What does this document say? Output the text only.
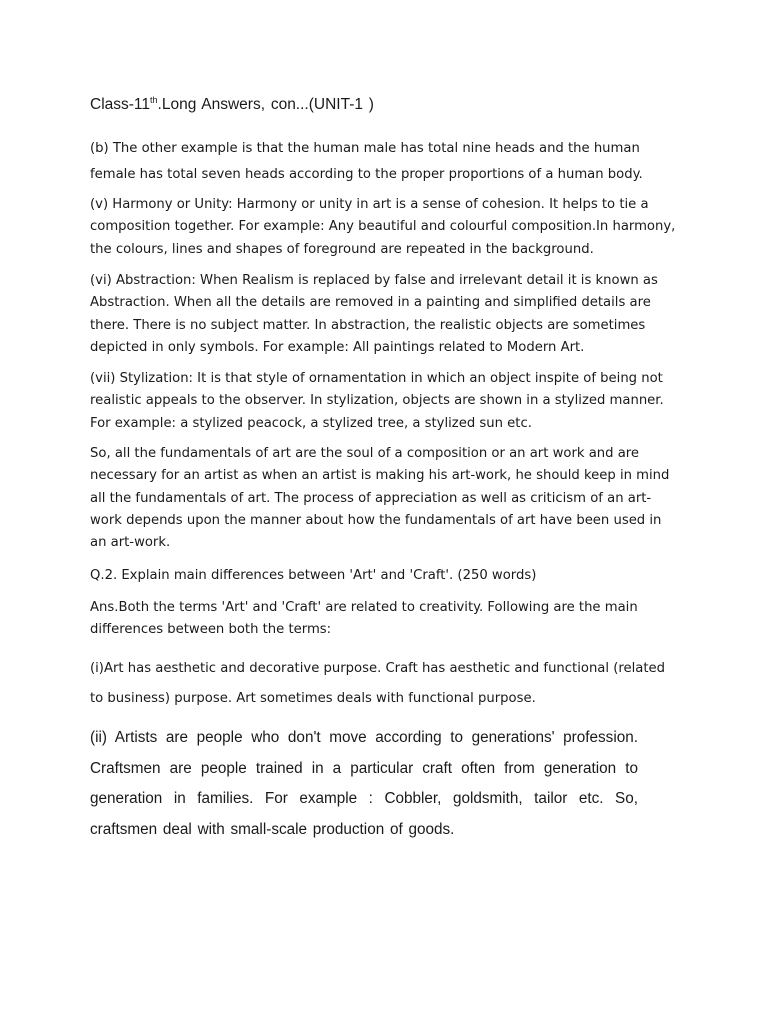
Class-11th.Long Answers, con...(UNIT-1 )

(b) The other example is that the human male has total nine heads and the human female has total seven heads according to the proper proportions of a human body.

(v) Harmony or Unity: Harmony or unity in art is a sense of cohesion. It helps to tie a composition together. For example: Any beautiful and colourful composition.In harmony, the colours, lines and shapes of foreground are repeated in the background.

(vi) Abstraction: When Realism is replaced by false and irrelevant detail it is known as Abstraction. When all the details are removed in a painting and simplified details are there. There is no subject matter. In abstraction, the realistic objects are sometimes depicted in only symbols. For example: All paintings related to Modern Art.

(vii) Stylization: It is that style of ornamentation in which an object inspite of being not realistic appeals to the observer. In stylization, objects are shown in a stylized manner. For example: a stylized peacock, a stylized tree, a stylized sun etc.

So, all the fundamentals of art are the soul of a composition or an art work and are necessary for an artist as when an artist is making his art-work, he should keep in mind all the fundamentals of art. The process of appreciation as well as criticism of an art-work depends upon the manner about how the fundamentals of art have been used in an art-work.

Q.2. Explain main differences between 'Art' and 'Craft'. (250 words)

Ans.Both the terms 'Art' and 'Craft' are related to creativity. Following are the main differences between both the terms:

(i)Art has aesthetic and decorative purpose. Craft has aesthetic and functional (related to business) purpose. Art sometimes deals with functional purpose.

(ii) Artists are people who don't move according to generations' profession. Craftsmen are people trained in a particular craft often from generation to generation in families. For example : Cobbler, goldsmith, tailor etc. So, craftsmen deal with small-scale production of goods.
